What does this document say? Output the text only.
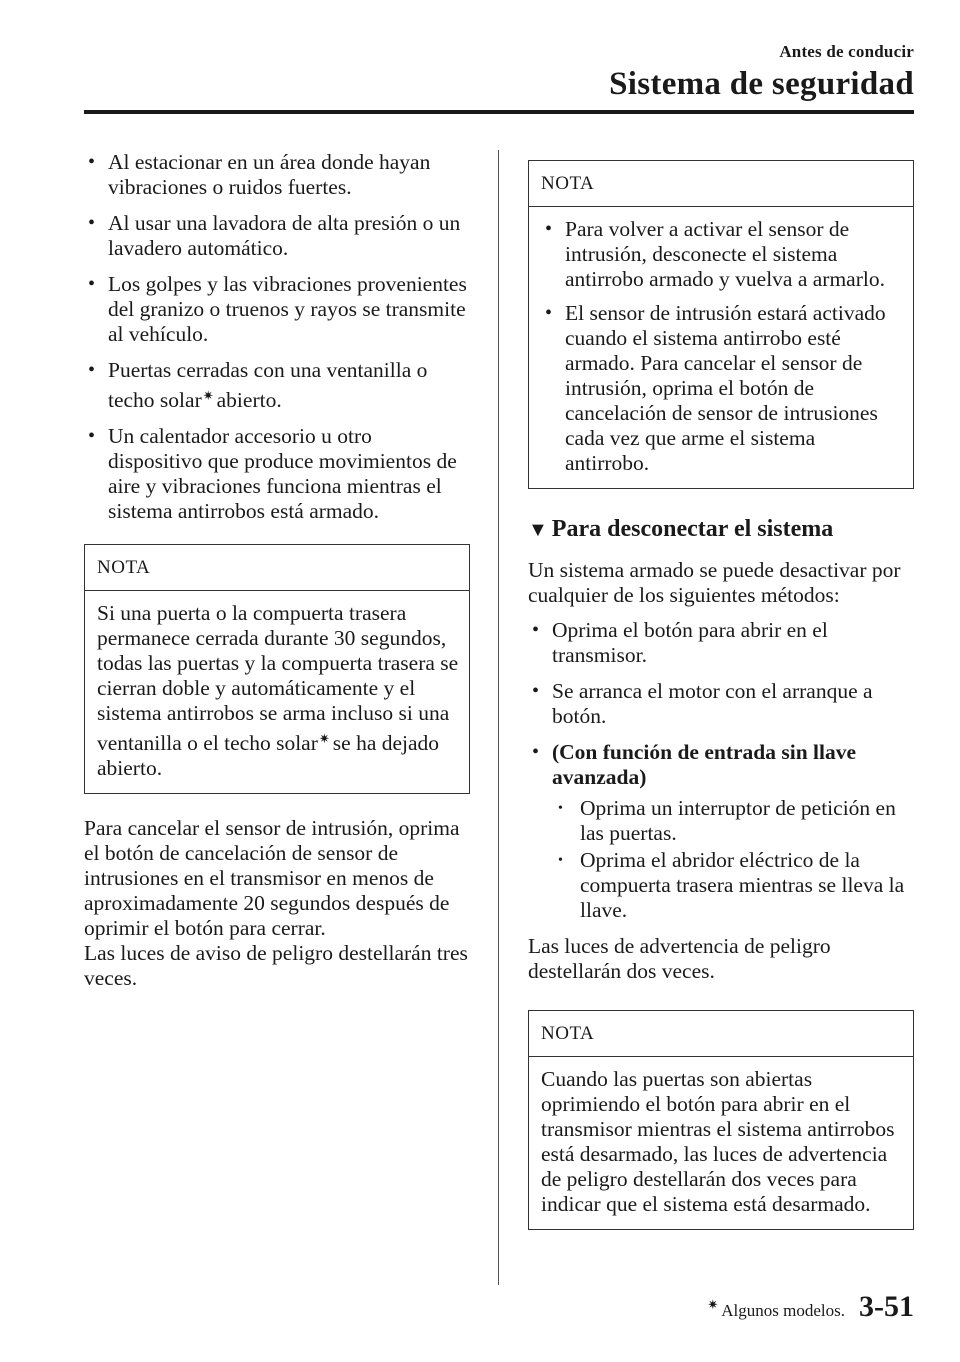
Antes de conducir
Sistema de seguridad
• Al estacionar en un área donde hayan vibraciones o ruidos fuertes.
• Al usar una lavadora de alta presión o un lavadero automático.
• Los golpes y las vibraciones provenientes del granizo o truenos y rayos se transmite al vehículo.
• Puertas cerradas con una ventanilla o techo solar✷ abierto.
• Un calentador accesorio u otro dispositivo que produce movimientos de aire y vibraciones funciona mientras el sistema antirrobos está armado.
NOTA
Si una puerta o la compuerta trasera permanece cerrada durante 30 segundos, todas las puertas y la compuerta trasera se cierran doble y automáticamente y el sistema antirrobos se arma incluso si una ventanilla o el techo solar✷ se ha dejado abierto.

Para cancelar el sensor de intrusión, oprima el botón de cancelación de sensor de intrusiones en el transmisor en menos de aproximadamente 20 segundos después de oprimir el botón para cerrar.

Las luces de aviso de peligro destellarán tres veces.

NOTA
• Para volver a activar el sensor de intrusión, desconecte el sistema antirrobo armado y vuelva a armarlo.
• El sensor de intrusión estará activado cuando el sistema antirrobo esté armado. Para cancelar el sensor de intrusión, oprima el botón de cancelación de sensor de intrusiones cada vez que arme el sistema antirrobo.
▼ Para desconectar el sistema
Un sistema armado se puede desactivar por cualquier de los siguientes métodos:
• Oprima el botón para abrir en el transmisor.
• Se arranca el motor con el arranque a botón.
• (Con función de entrada sin llave avanzada)
• Oprima un interruptor de petición en las puertas.
• Oprima el abridor eléctrico de la compuerta trasera mientras se lleva la llave.

Las luces de advertencia de peligro destellarán dos veces.

NOTA
Cuando las puertas son abiertas oprimiendo el botón para abrir en el transmisor mientras el sistema antirrobos está desarmado, las luces de advertencia de peligro destellarán dos veces para indicar que el sistema está desarmado.
✷ Algunos modelos. 3-51
